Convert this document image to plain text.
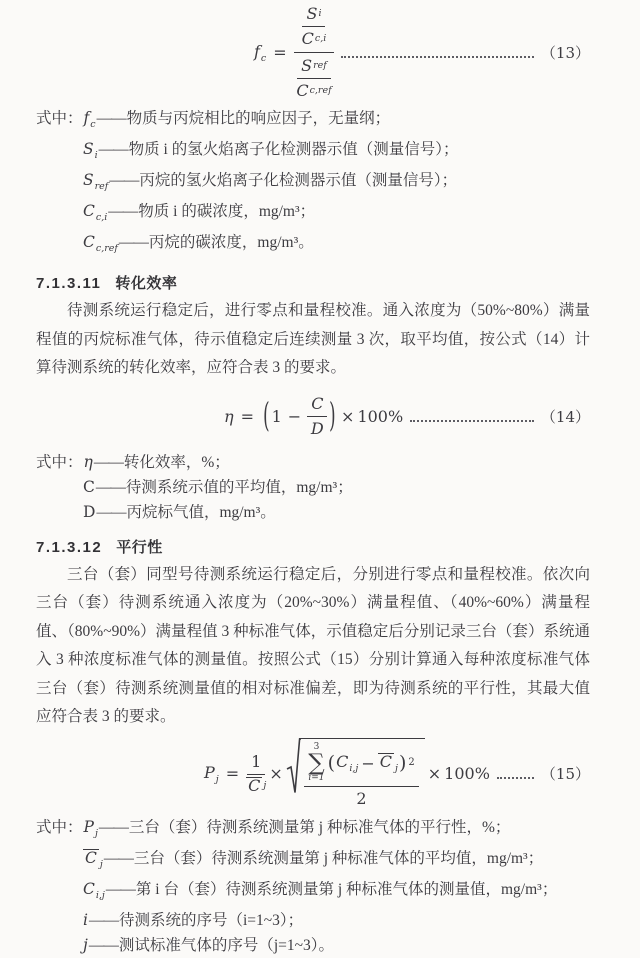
$f_c = \frac{\frac{\text{S i}}{\text{C c,i}}}{\frac{\text{S ref}}{\text{C c,ref}}}$	（13）
式中：$f_c——$物质与丙烷相比的响应因子，无量纲；
$S_i——$物质 i 的氢火焰离子化检测器示值（测量信号）；
$S_{ref}——$丙烷的氢火焰离子化检测器示值（测量信号）；
$C_{c,i}——$物质 i 的碳浓度，mg/m³；
$C_{c,ref}——$丙烷的碳浓度，mg/m³。
7.1.3.11 转化效率
待测系统运行稳定后，进行零点和量程校准。通入浓度为（50%~80%）满量程值的丙烷标准气体，待示值稳定后连续测量 3 次，取平均值，按公式（14）计算待测系统的转化效率，应符合表 3 的要求。
η = ( $1 - \frac{C}{D}$ ) × 100%	（14）
式中：η——转化效率，%；
C——待测系统示值的平均值，mg/m³；
D——丙烷标气值，mg/m³。
7.1.3.12 平行性
三台（套）同型号待测系统运行稳定后，分别进行零点和量程校准。依次向三台（套）待测系统通入浓度为（20%~30%）满量程值、（40%~60%）满量程值、（80%~90%）满量程值 3 种标准气体，示值稳定后分别记录三台（套）系统通入 3 种浓度标准气体的测量值。按照公式（15）分别计算通入每种浓度标准气体三台（套）待测系统测量值的相对标准偏差，即为待测系统的平行性，其最大值应符合表 3 的要求。
$P_j = \frac{1}{\text{C j}}$ ×
3
∑
i=1
( $C_{i,j} - C$ $_j$ ) 2
2
× 100%	（15）
式中：$P_j——$三台（套）待测系统测量第 j 种标准气体的平行性，%；
C $_j$——三台（套）待测系统测量第 j 种标准气体的平均值，mg/m³；
$C_{i,j}——$第 i 台（套）待测系统测量第 j 种标准气体的测量值，mg/m³；
i——待测系统的序号（i=1~3）；
j——测试标准气体的序号（j=1~3）。
